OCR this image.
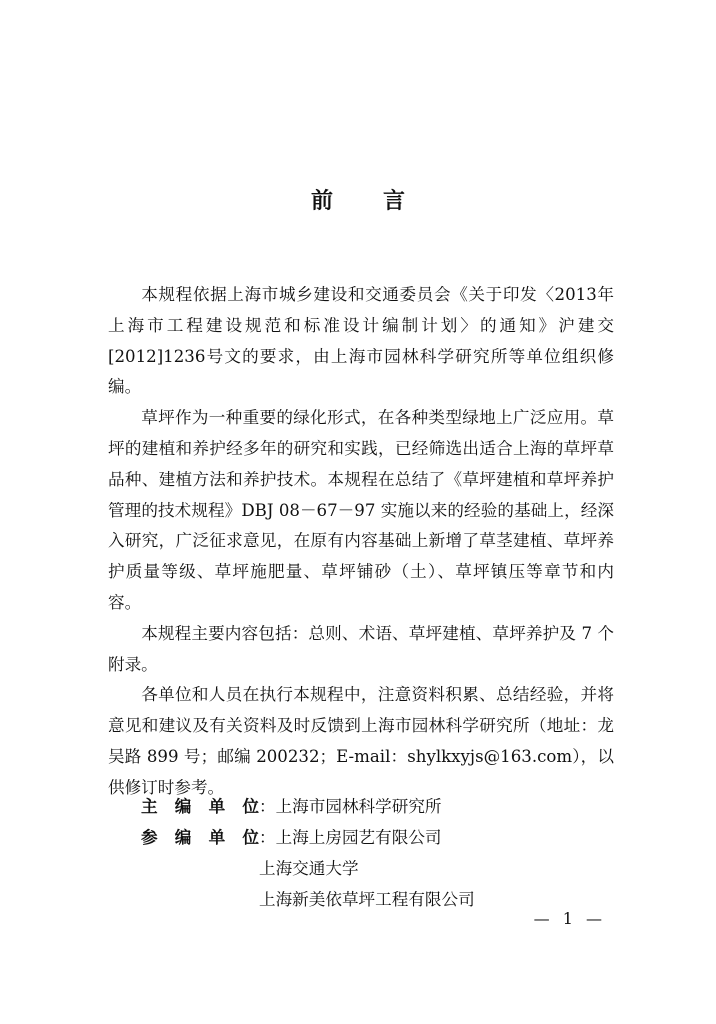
前　言

本规程依据上海市城乡建设和交通委员会《关于印发〈2013年上海市工程建设规范和标准设计编制计划〉的通知》沪建交[2012]1236号文的要求，由上海市园林科学研究所等单位组织修编。

草坪作为一种重要的绿化形式，在各种类型绿地上广泛应用。草坪的建植和养护经多年的研究和实践，已经筛选出适合上海的草坪草品种、建植方法和养护技术。本规程在总结了《草坪建植和草坪养护管理的技术规程》DBJ 08－67－97 实施以来的经验的基础上，经深入研究，广泛征求意见，在原有内容基础上新增了草茎建植、草坪养护质量等级、草坪施肥量、草坪铺砂（土）、草坪镇压等章节和内容。

本规程主要内容包括：总则、术语、草坪建植、草坪养护及 7 个附录。

各单位和人员在执行本规程中，注意资料积累、总结经验，并将意见和建议及有关资料及时反馈到上海市园林科学研究所（地址：龙吴路 899 号；邮编 200232；E-mail：shylkxyjs@163.com），以供修订时参考。

主编单位 ：上海市园林科学研究所
参编单位 ：上海上房园艺有限公司
上海交通大学
上海新美依草坪工程有限公司
— 1 —
